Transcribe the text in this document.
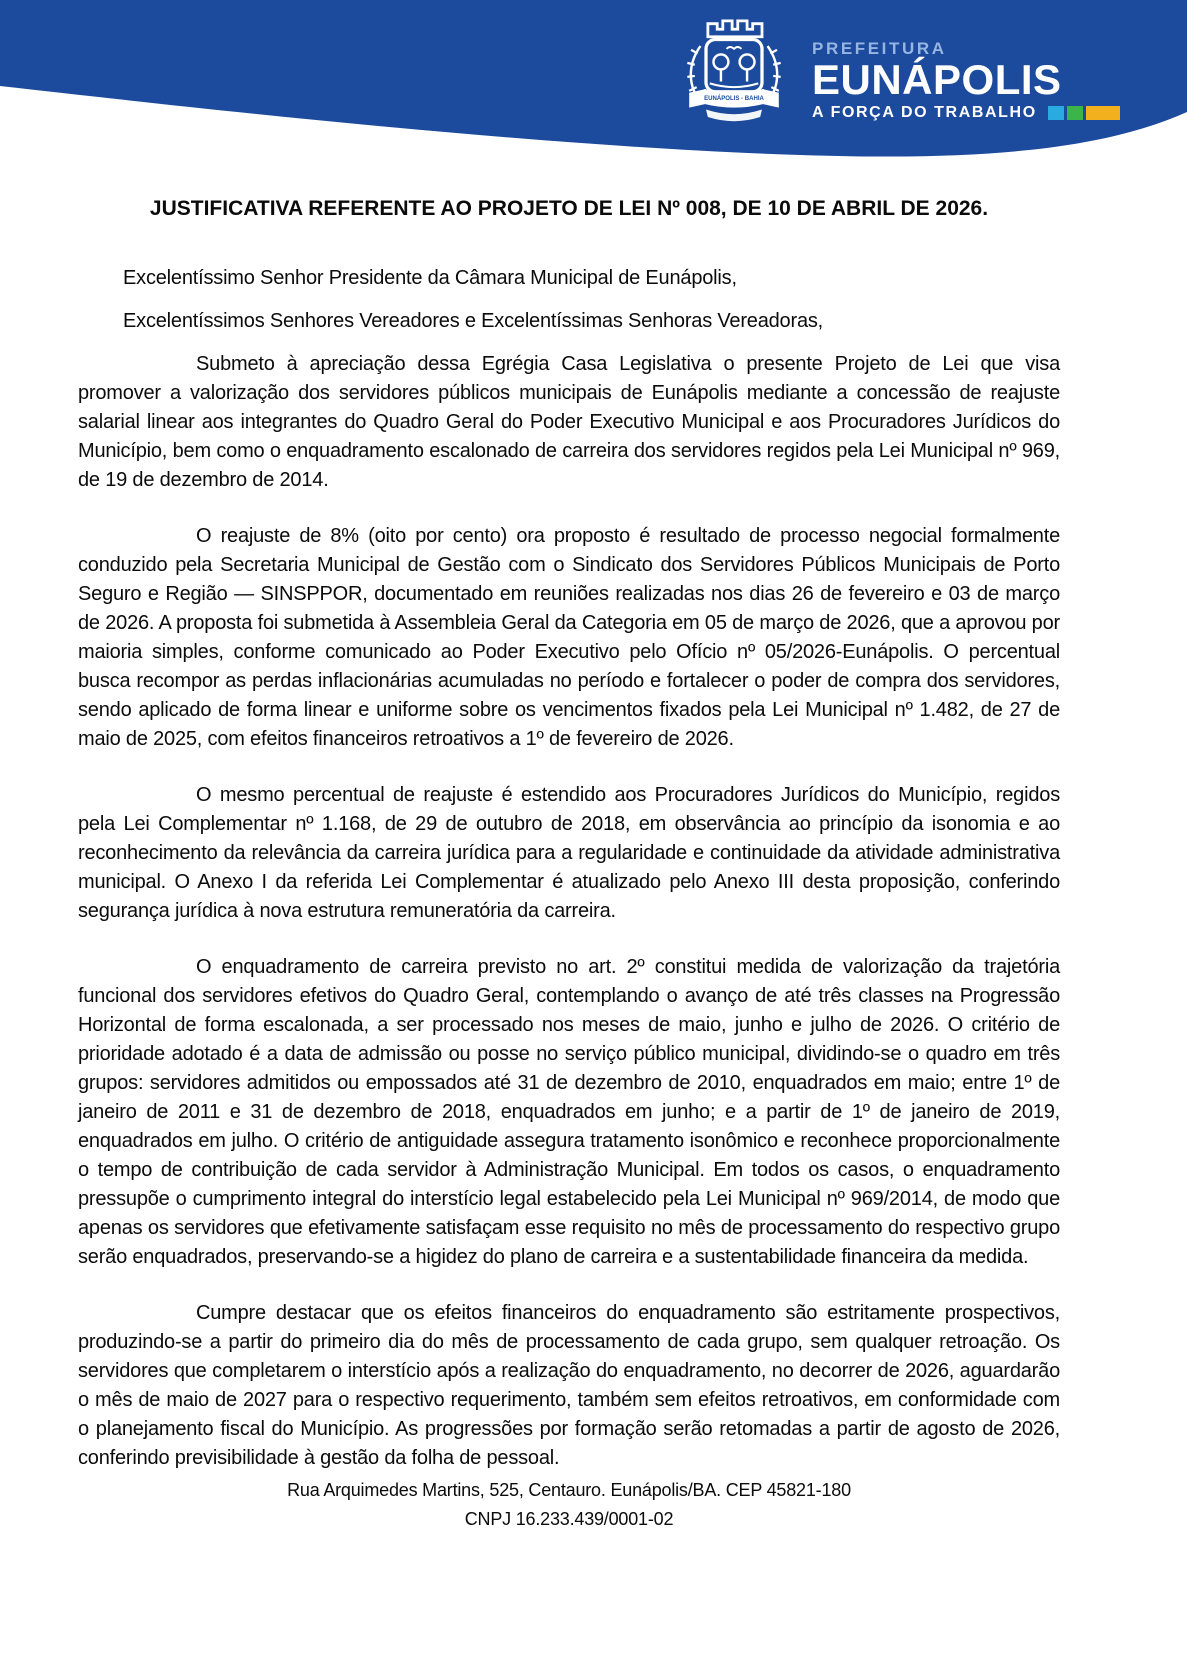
EUNÁPOLIS - BAHIA
PREFEITURA
EUNÁPOLIS
A FORÇA DO TRABALHO
JUSTIFICATIVA REFERENTE AO PROJETO DE LEI Nº 008, DE 10 DE ABRIL DE 2026.

Excelentíssimo Senhor Presidente da Câmara Municipal de Eunápolis,

Excelentíssimos Senhores Vereadores e Excelentíssimas Senhoras Vereadoras,

Submeto à apreciação dessa Egrégia Casa Legislativa o presente Projeto de Lei que visa promover a valorização dos servidores públicos municipais de Eunápolis mediante a concessão de reajuste salarial linear aos integrantes do Quadro Geral do Poder Executivo Municipal e aos Procuradores Jurídicos do Município, bem como o enquadramento escalonado de carreira dos servidores regidos pela Lei Municipal nº 969, de 19 de dezembro de 2014.

O reajuste de 8% (oito por cento) ora proposto é resultado de processo negocial formalmente conduzido pela Secretaria Municipal de Gestão com o Sindicato dos Servidores Públicos Municipais de Porto Seguro e Região — SINSPPOR, documentado em reuniões realizadas nos dias 26 de fevereiro e 03 de março de 2026. A proposta foi submetida à Assembleia Geral da Categoria em 05 de março de 2026, que a aprovou por maioria simples, conforme comunicado ao Poder Executivo pelo Ofício nº 05/2026-Eunápolis. O percentual busca recompor as perdas inflacionárias acumuladas no período e fortalecer o poder de compra dos servidores, sendo aplicado de forma linear e uniforme sobre os vencimentos fixados pela Lei Municipal nº 1.482, de 27 de maio de 2025, com efeitos financeiros retroativos a 1º de fevereiro de 2026.

O mesmo percentual de reajuste é estendido aos Procuradores Jurídicos do Município, regidos pela Lei Complementar nº 1.168, de 29 de outubro de 2018, em observância ao princípio da isonomia e ao reconhecimento da relevância da carreira jurídica para a regularidade e continuidade da atividade administrativa municipal. O Anexo I da referida Lei Complementar é atualizado pelo Anexo III desta proposição, conferindo segurança jurídica à nova estrutura remuneratória da carreira.

O enquadramento de carreira previsto no art. 2º constitui medida de valorização da trajetória funcional dos servidores efetivos do Quadro Geral, contemplando o avanço de até três classes na Progressão Horizontal de forma escalonada, a ser processado nos meses de maio, junho e julho de 2026. O critério de prioridade adotado é a data de admissão ou posse no serviço público municipal, dividindo-se o quadro em três grupos: servidores admitidos ou empossados até 31 de dezembro de 2010, enquadrados em maio; entre 1º de janeiro de 2011 e 31 de dezembro de 2018, enquadrados em junho; e a partir de 1º de janeiro de 2019, enquadrados em julho. O critério de antiguidade assegura tratamento isonômico e reconhece proporcionalmente o tempo de contribuição de cada servidor à Administração Municipal. Em todos os casos, o enquadramento pressupõe o cumprimento integral do interstício legal estabelecido pela Lei Municipal nº 969/2014, de modo que apenas os servidores que efetivamente satisfaçam esse requisito no mês de processamento do respectivo grupo serão enquadrados, preservando-se a higidez do plano de carreira e a sustentabilidade financeira da medida.

Cumpre destacar que os efeitos financeiros do enquadramento são estritamente prospectivos, produzindo-se a partir do primeiro dia do mês de processamento de cada grupo, sem qualquer retroação. Os servidores que completarem o interstício após a realização do enquadramento, no decorrer de 2026, aguardarão o mês de maio de 2027 para o respectivo requerimento, também sem efeitos retroativos, em conformidade com o planejamento fiscal do Município. As progressões por formação serão retomadas a partir de agosto de 2026, conferindo previsibilidade à gestão da folha de pessoal.

Rua Arquimedes Martins, 525, Centauro. Eunápolis/BA. CEP 45821-180
CNPJ 16.233.439/0001-02
